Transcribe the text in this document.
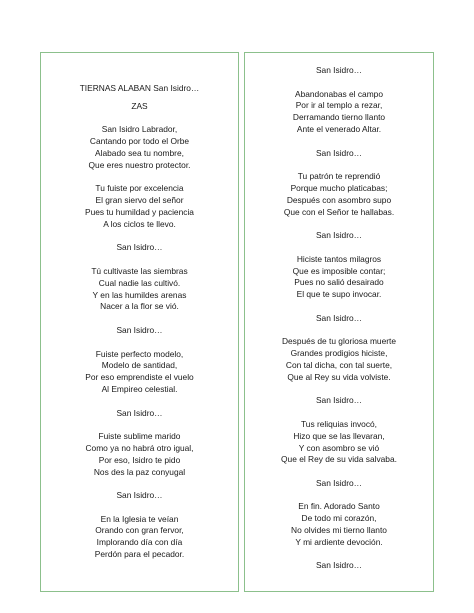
TIERNAS ALABAN San Isidro…
ZAS
San Isidro Labrador,
Cantando por todo el Orbe
Alabado sea tu nombre,
Que eres nuestro protector.
Tu fuiste por excelencia
El gran siervo del señor
Pues tu humildad y paciencia
A los ciclos te llevo.
San Isidro…
Tú cultivaste las siembras
Cual nadie las cultivó.
Y en las humildes arenas
Nacer a la flor se vió.
San Isidro…
Fuiste perfecto modelo,
Modelo de santidad,
Por eso emprendiste el vuelo
Al Empireo celestial.
San Isidro…
Fuiste sublime marido
Como ya no habrá otro igual,
Por eso, Isidro te pido
Nos des la paz conyugal
San Isidro…
En la Iglesia te veían
Orando con gran fervor,
Implorando día con día
Perdón para el pecador.
San Isidro…
Abandonabas el campo
Por ir al templo a rezar,
Derramando tierno llanto
Ante el venerado Altar.
San Isidro…
Tu patrón te reprendió
Porque mucho platicabas;
Después con asombro supo
Que con el Señor te hallabas.
San Isidro…
Hiciste tantos milagros
Que es imposible contar;
Pues no salió desairado
El que te supo invocar.
San Isidro…
Después de tu gloriosa muerte
Grandes prodigios hiciste,
Con tal dicha, con tal suerte,
Que al Rey su vida volviste.
San Isidro…
Tus reliquias invocó,
Hizo que se las llevaran,
Y con asombro se vió
Que el Rey de su vida salvaba.
San Isidro…
En fin. Adorado Santo
De todo mi corazón,
No olvides mi tierno llanto
Y mi ardiente devoción.
San Isidro…
